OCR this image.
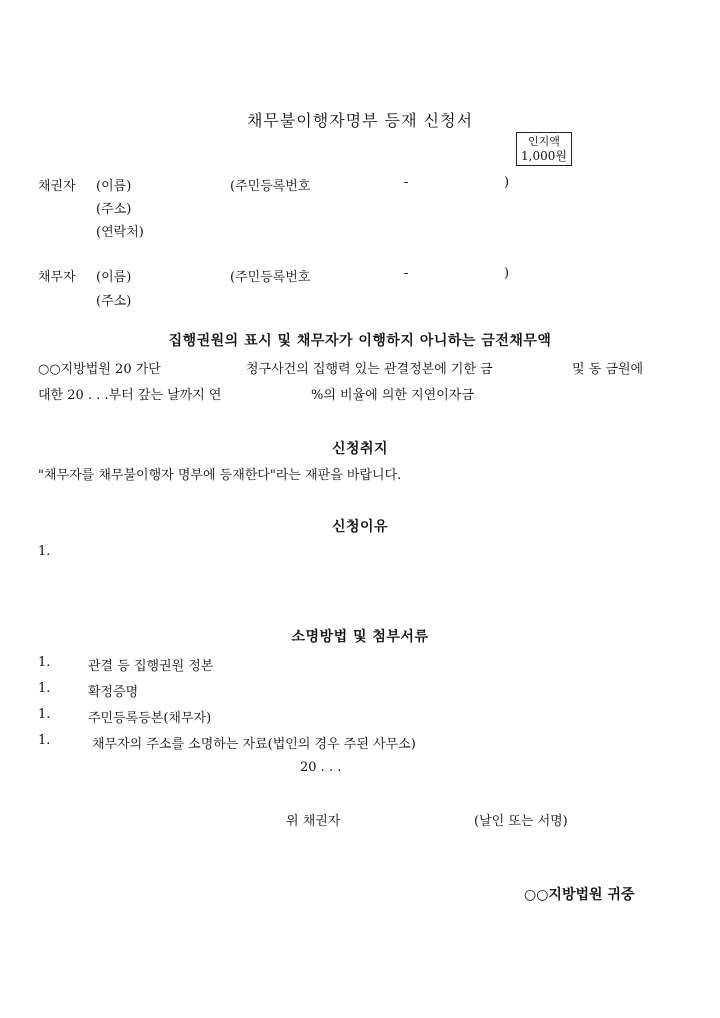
채무불이행자명부 등재 신청서
인지액
1,000원
채권자 (이름)	(주민등록번호	-	)
(주소)
(연락처)
채무자 (이름)	(주민등록번호	-	)
(주소)
집행권원의 표시 및 채무자가 이행하지 아니하는 금전채무액
○○지방법원 20 가단	청구사건의 집행력 있는 관결정본에 기한 금	및 동 금원에
대한 20 . . .부터 갚는 날까지 연	%의 비율에 의한 지연이자금
신청취지
"채무자를 채무불이행자 명부에 등재한다"라는 재판을 바랍니다.
신청이유
1.
소명방법 및 첨부서류
1.	관결 등 집행권원 정본
1.	확정증명
1.	주민등록등본(채무자)
1.	채무자의 주소를 소명하는 자료(법인의 경우 주된 사무소)
20 . . .
위 채권자	(날인 또는 서명)
○○지방법원 귀중
